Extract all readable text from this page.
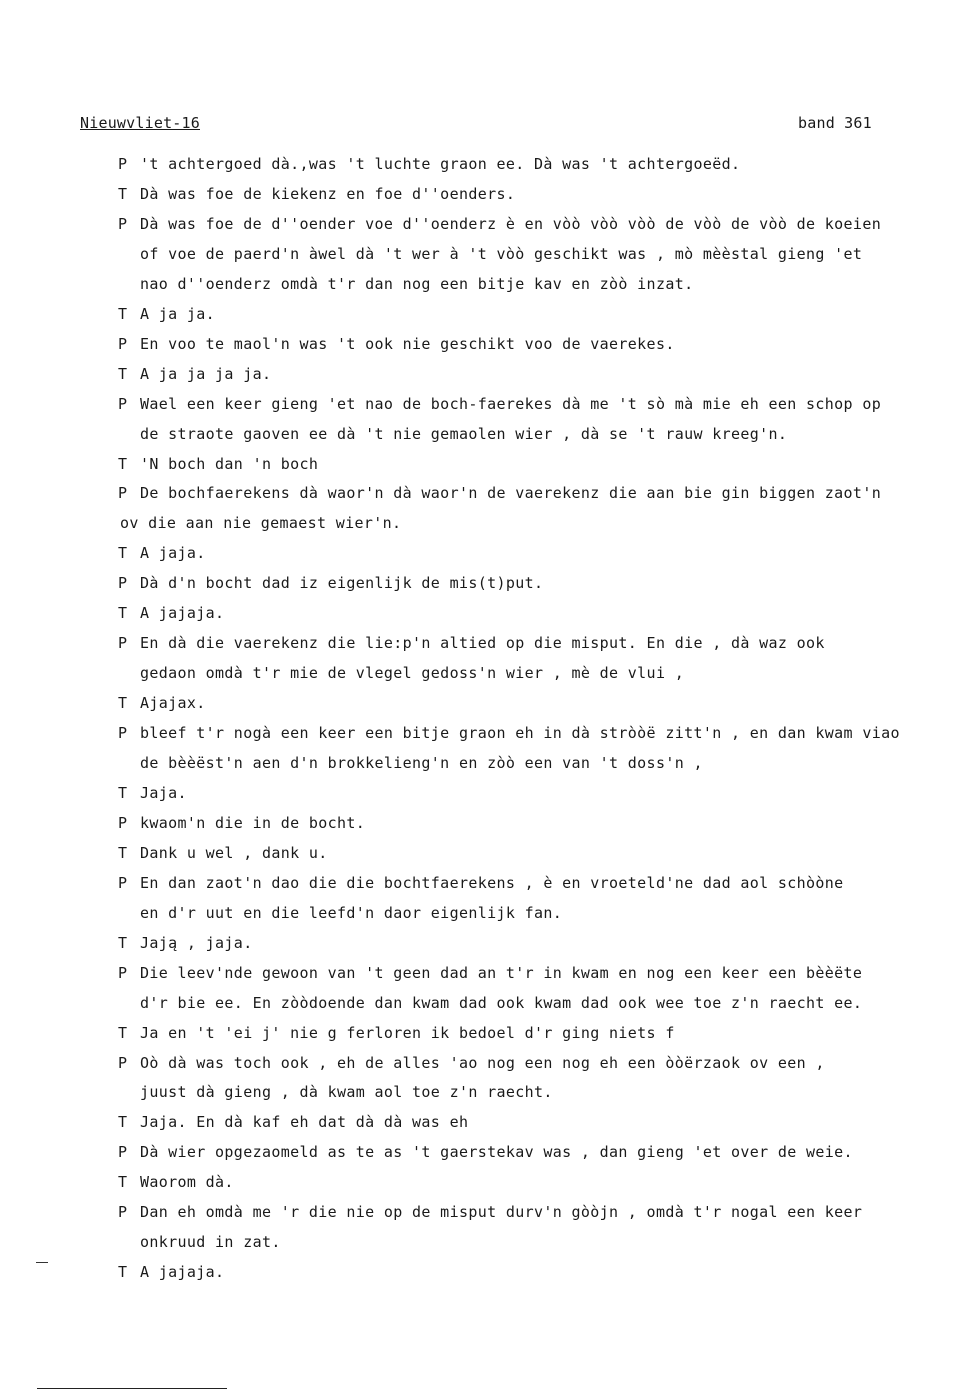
Nieuwvliet-16	band 361
P 't achtergoed dà.,was 't luchte graon ee. Dà was 't achtergoeëd.
T Dà was foe de kiekenz en foe d''oenders.
P Dà was foe de d''oender voe d''oenderz è en vòò vòò vòò de vòò de vòò de koeien
of voe de paerd'n àwel dà 't wer à 't vòò geschikt was , mò mèèstal gieng 'et
nao d''oenderz omdà t'r dan nog een bitje kav en zòò inzat.
T A ja ja.
P En voo te maol'n was 't ook nie geschikt voo de vaerekes.
T A ja ja ja ja.
P Wael een keer gieng 'et nao de boch-faerekes dà me 't sò mà mie eh een schop op
de straote gaoven ee dà 't nie gemaolen wier , dà se 't rauw kreeg'n.
T 'N boch dan 'n boch
P De bochfaerekens dà waor'n dà waor'n de vaerekenz die aan bie gin biggen zaot'n
ov die aan nie gemaest wier'n.
T A jaja.
P Dà d'n bocht dad iz eigenlijk de mis(t)put.
T A jajaja.
P En dà die vaerekenz die lie:p'n altied op die misput. En die , dà waz ook
gedaon omdà t'r mie de vlegel gedoss'n wier , mè de vlui ,
T Ajajax.
P bleef t'r nogà een keer een bitje graon eh in dà stròòë zitt'n , en dan kwam viao
de bèèëst'n aen d'n brokkelieng'n en zòò een van 't doss'n ,
T Jaja.
P kwaom'n die in de bocht.
T Dank u wel , dank u.
P En dan zaot'n dao die die bochtfaerekens , è en vroeteld'ne dad aol schòòne
en d'r uut en die leefd'n daor eigenlijk fan.
T Jają , jaja.
P Die leev'nde gewoon van 't geen dad an t'r in kwam en nog een keer een bèèëte
d'r bie ee. En zòòdoende dan kwam dad ook kwam dad ook wee toe z'n raecht ee.
T Ja en 't 'ei j' nie g ferloren ik bedoel d'r ging niets f
P Oò dà was toch ook , eh de alles 'ao nog een nog eh een òòërzaok ov een ,
juust dà gieng , dà kwam aol toe z'n raecht.
T Jaja. En dà kaf eh dat dà dà was eh
P Dà wier opgezaomeld as te as 't gaerstekav was , dan gieng 'et over de weie.
T Waorom dà.
P Dan eh omdà me 'r die nie op de misput durv'n gòòjn , omdà t'r nogal een keer
onkruud in zat.
T A jajaja.
